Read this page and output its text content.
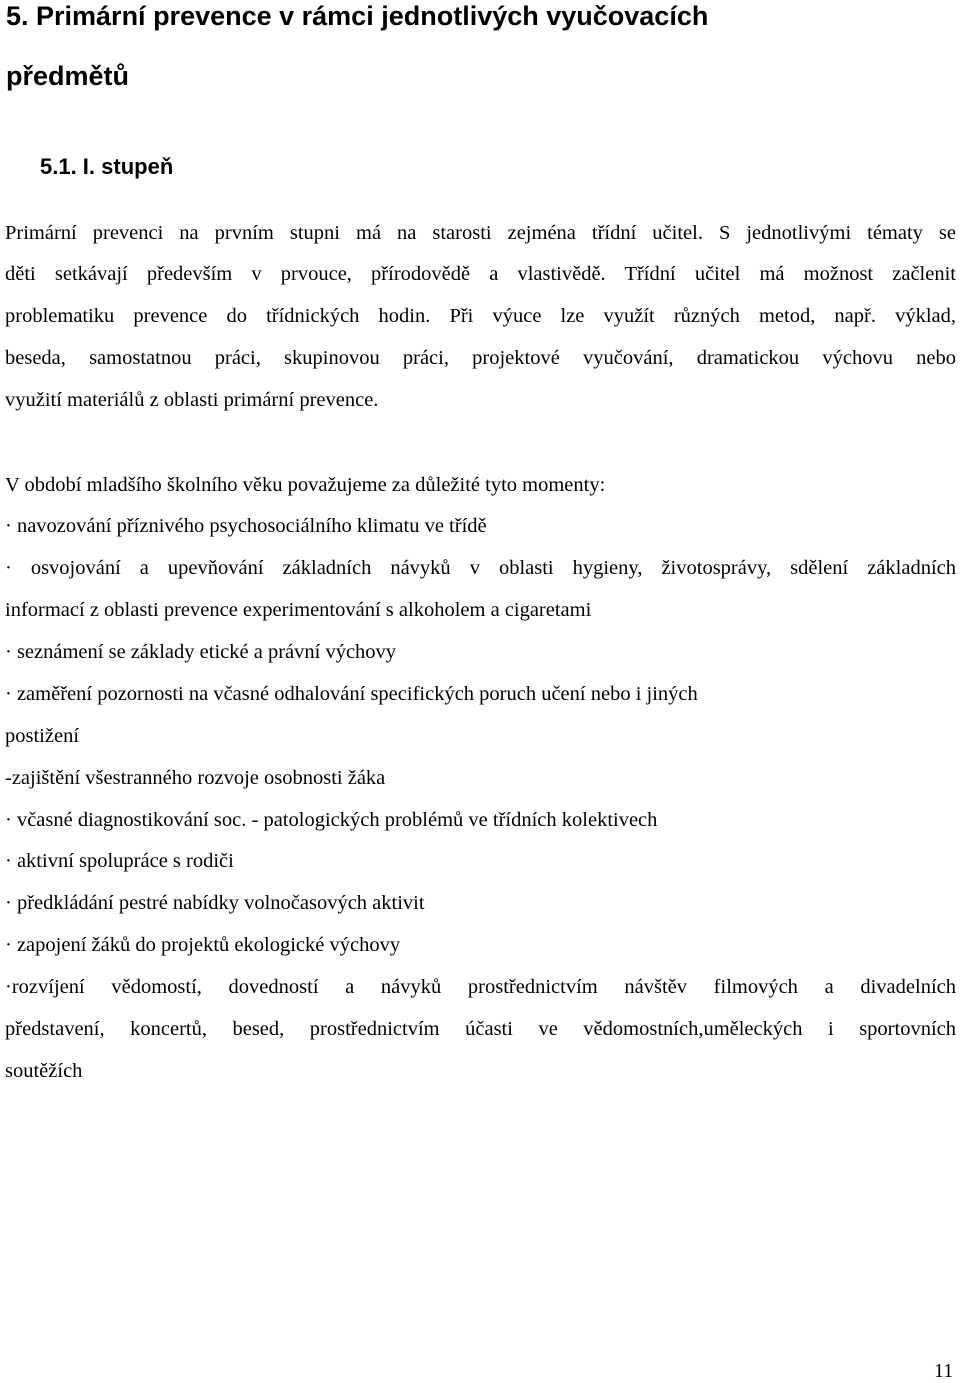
5. Primární prevence v rámci jednotlivých vyučovacích
předmětů
5.1. I. stupeň
Primární prevenci na prvním stupni má na starosti zejména třídní učitel. S jednotlivými tématy se
děti setkávají především v prvouce, přírodovědě a vlastivědě. Třídní učitel má možnost začlenit
problematiku prevence do třídnických hodin. Při výuce lze využít různých metod, např. výklad,
beseda, samostatnou práci, skupinovou práci, projektové vyučování, dramatickou výchovu nebo
využití materiálů z oblasti primární prevence.
V období mladšího školního věku považujeme za důležité tyto momenty:
· navozování příznivého psychosociálního klimatu ve třídě
· osvojování a upevňování základních návyků v oblasti hygieny, životosprávy, sdělení základních
informací z oblasti prevence experimentování s alkoholem a cigaretami
· seznámení se základy etické a právní výchovy
· zaměření pozornosti na včasné odhalování specifických poruch učení nebo i jiných
postižení
-zajištění všestranného rozvoje osobnosti žáka
· včasné diagnostikování soc. - patologických problémů ve třídních kolektivech
· aktivní spolupráce s rodiči
· předkládání pestré nabídky volnočasových aktivit
· zapojení žáků do projektů ekologické výchovy
·rozvíjení vědomostí, dovedností a návyků prostřednictvím návštěv filmových a divadelních
představení, koncertů, besed, prostřednictvím účasti ve vědomostních,uměleckých i sportovních
soutěžích
11
